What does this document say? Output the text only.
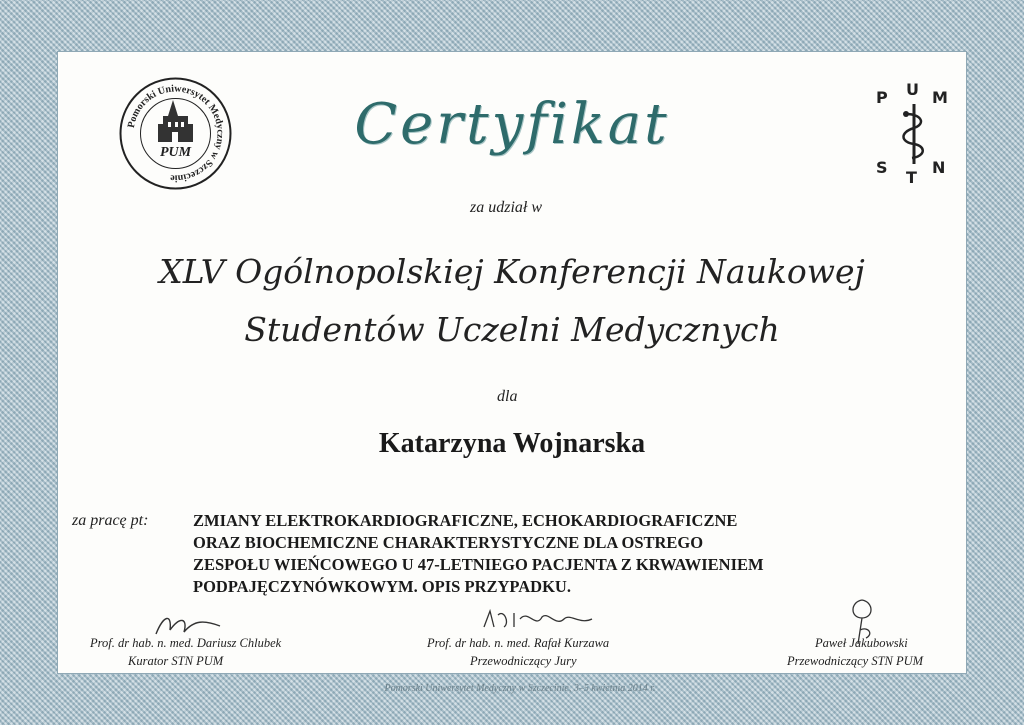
Pomorski Uniwersytet Medyczny w Szczecinie
PUM
P U M
S
T
N
Certyfikat
za udział w
XLV Ogólnopolskiej Konferencji Naukowej
Studentów Uczelni Medycznych
dla
Katarzyna Wojnarska
za pracę pt:	ZMIANY ELEKTROKARDIOGRAFICZNE, ECHOKARDIOGRAFICZNE
ORAZ BIOCHEMICZNE CHARAKTERYSTYCZNE DLA OSTREGO
ZESPOŁU WIEŃCOWEGO U 47-LETNIEGO PACJENTA Z KRWAWIENIEM
PODPAJĘCZYNÓWKOWYM. OPIS PRZYPADKU.
Prof. dr hab. n. med. Dariusz Chlubek
Kurator STN PUM
Prof. dr hab. n. med. Rafał Kurzawa
Przewodniczący Jury
Paweł Jakubowski
Przewodniczący STN PUM
Pomorski Uniwersytet Medyczny w Szczecinie, 3–5 kwietnia 2014 r.
